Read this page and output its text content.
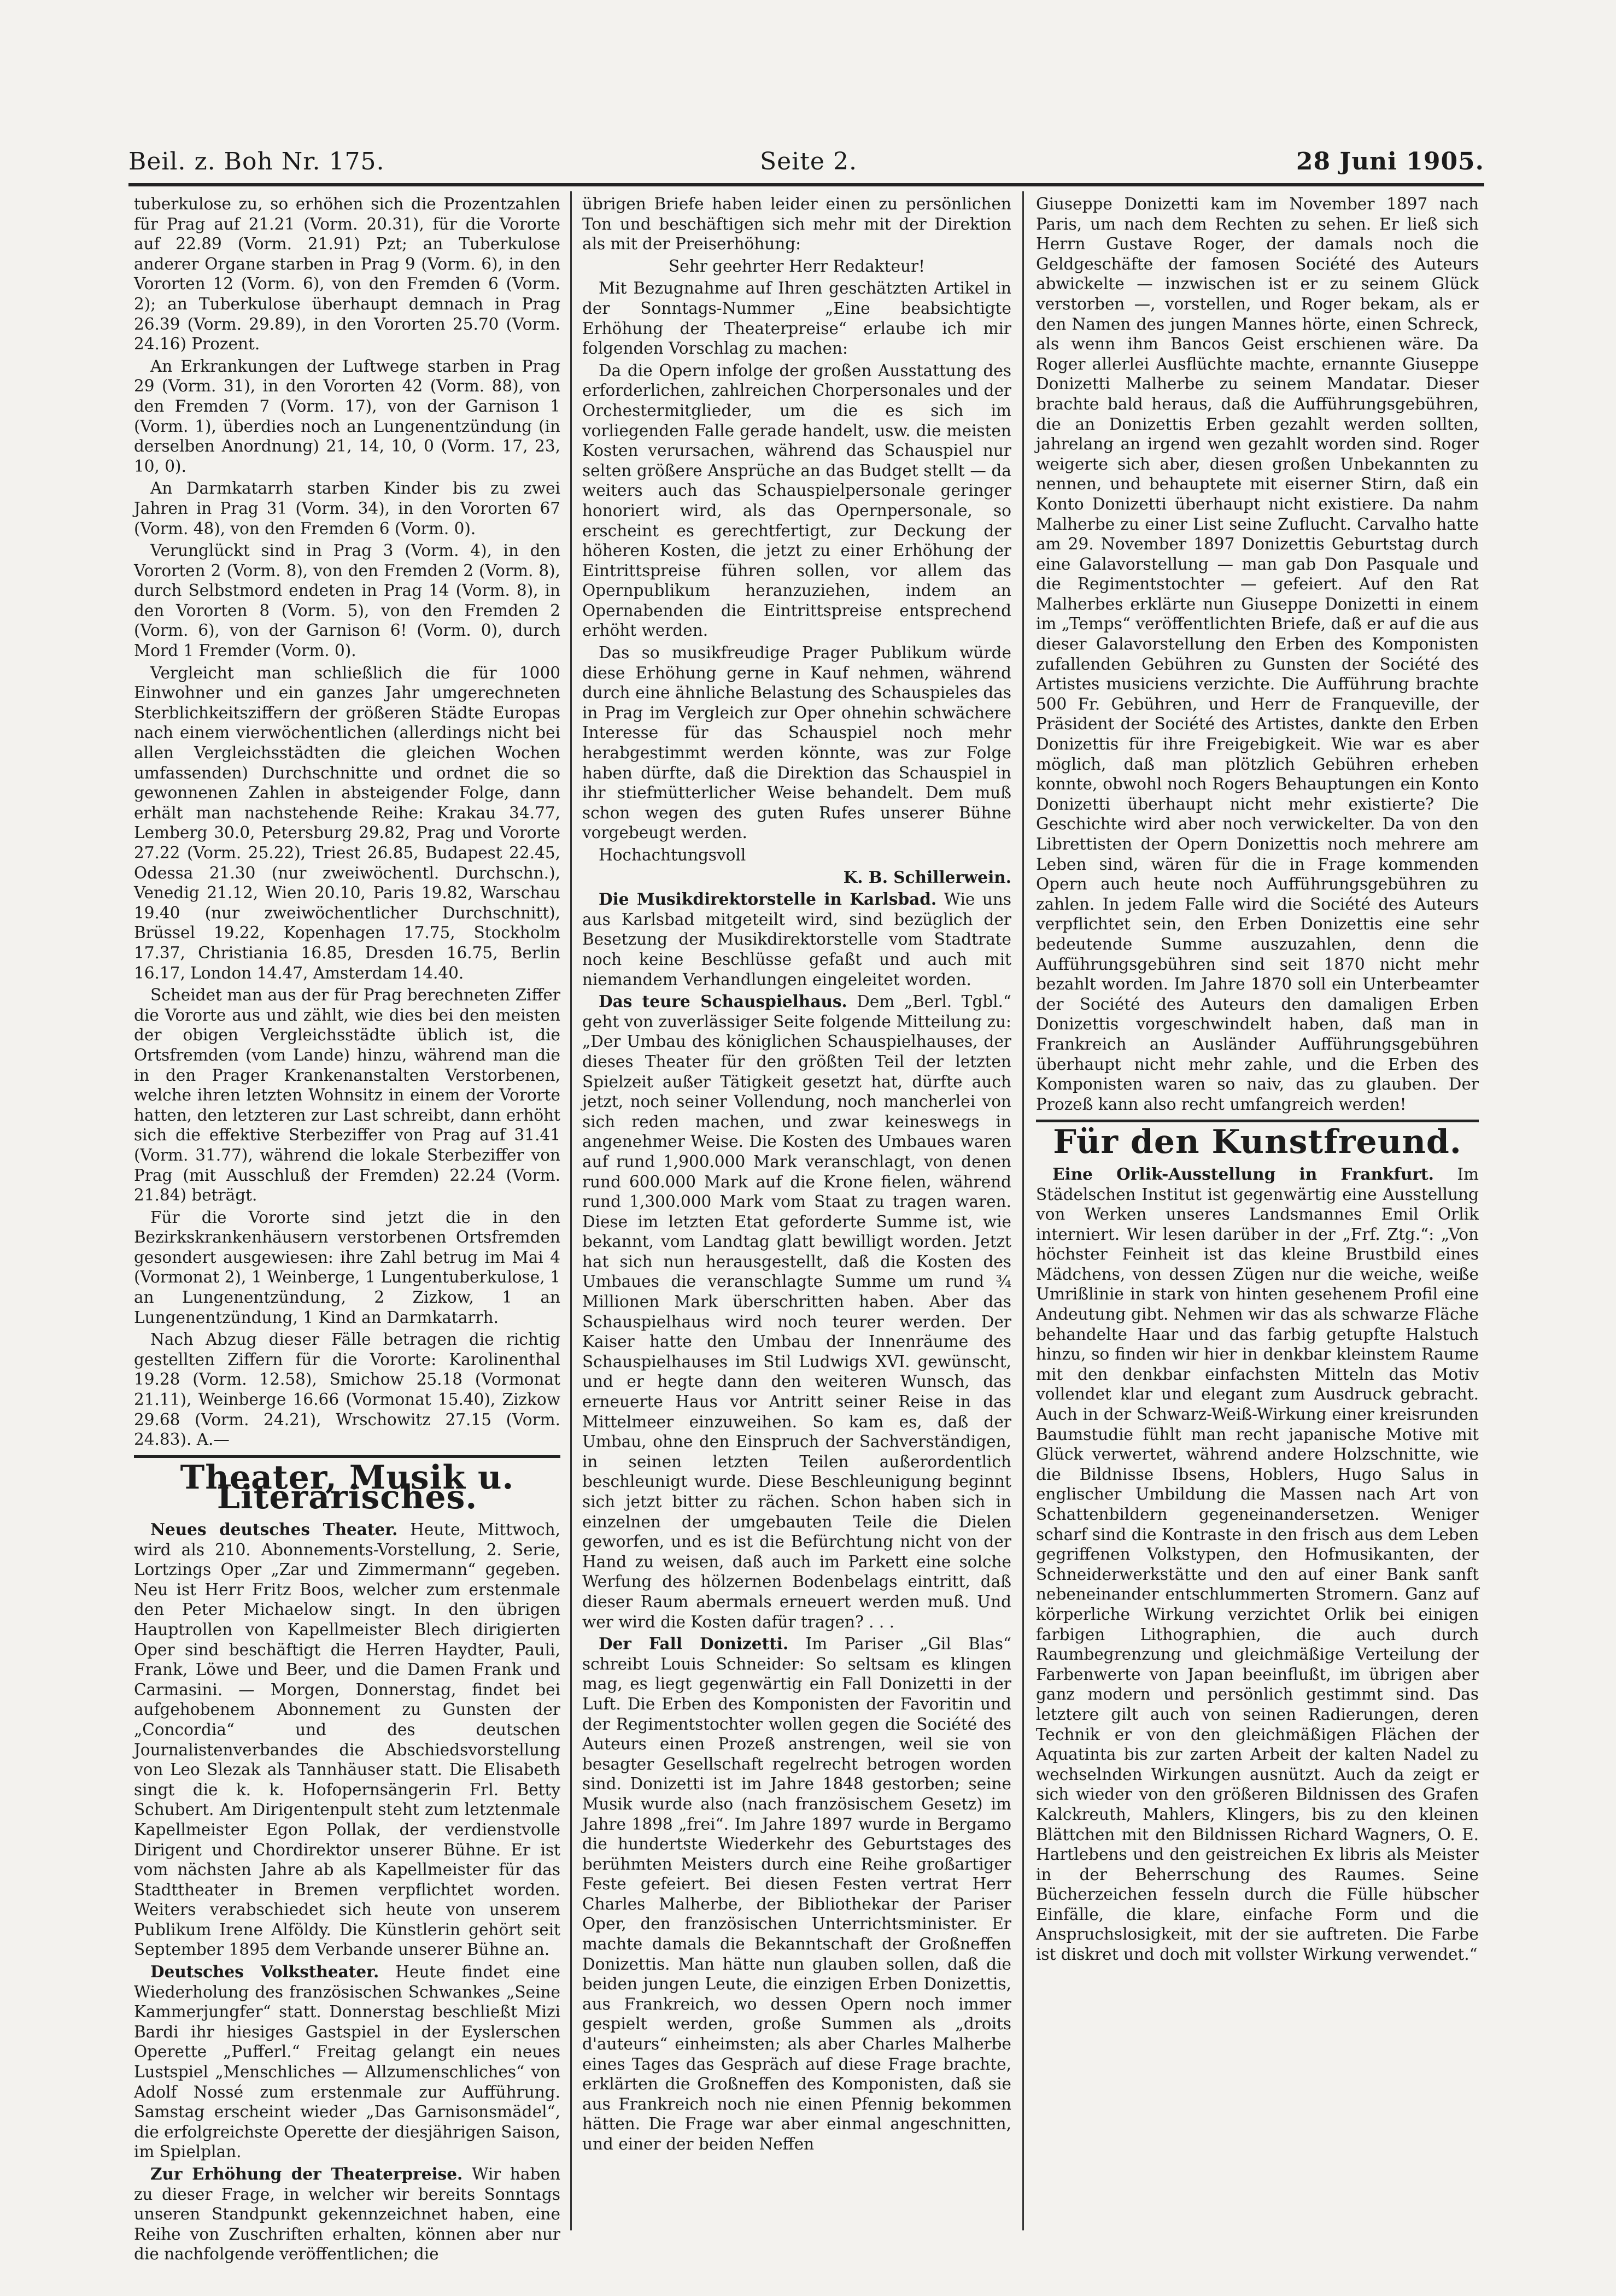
Beil. z. Boh Nr. 175.	Seite 2.	28 Juni 1905.

tuberkulose zu, so erhöhen sich die Prozentzahlen für Prag auf 21.21 (Vorm. 20.31), für die Vororte auf 22.89 (Vorm. 21.91) Pzt; an Tuberkulose anderer Organe starben in Prag 9 (Vorm. 6), in den Vororten 12 (Vorm. 6), von den Fremden 6 (Vorm. 2); an Tuberkulose überhaupt demnach in Prag 26.39 (Vorm. 29.89), in den Vororten 25.70 (Vorm. 24.16) Prozent.

An Erkrankungen der Luftwege starben in Prag 29 (Vorm. 31), in den Vororten 42 (Vorm. 88), von den Fremden 7 (Vorm. 17), von der Garnison 1 (Vorm. 1), überdies noch an Lungenentzündung (in derselben Anordnung) 21, 14, 10, 0 (Vorm. 17, 23, 10, 0).

An Darmkatarrh starben Kinder bis zu zwei Jahren in Prag 31 (Vorm. 34), in den Vororten 67 (Vorm. 48), von den Fremden 6 (Vorm. 0).

Verunglückt sind in Prag 3 (Vorm. 4), in den Vororten 2 (Vorm. 8), von den Fremden 2 (Vorm. 8), durch Selbstmord endeten in Prag 14 (Vorm. 8), in den Vororten 8 (Vorm. 5), von den Fremden 2 (Vorm. 6), von der Garnison 6! (Vorm. 0), durch Mord 1 Fremder (Vorm. 0).

Vergleicht man schließlich die für 1000 Einwohner und ein ganzes Jahr umgerechneten Sterblichkeitsziffern der größeren Städte Europas nach einem vierwöchentlichen (allerdings nicht bei allen Vergleichsstädten die gleichen Wochen umfassenden) Durchschnitte und ordnet die so gewonnenen Zahlen in absteigender Folge, dann erhält man nachstehende Reihe: Krakau 34.77, Lemberg 30.0, Petersburg 29.82, Prag und Vororte 27.22 (Vorm. 25.22), Triest 26.85, Budapest 22.45, Odessa 21.30 (nur zweiwöchentl. Durchschn.), Venedig 21.12, Wien 20.10, Paris 19.82, Warschau 19.40 (nur zweiwöchentlicher Durchschnitt), Brüssel 19.22, Kopenhagen 17.75, Stockholm 17.37, Christiania 16.85, Dresden 16.75, Berlin 16.17, London 14.47, Amsterdam 14.40.

Scheidet man aus der für Prag berechneten Ziffer die Vororte aus und zählt, wie dies bei den meisten der obigen Vergleichsstädte üblich ist, die Ortsfremden (vom Lande) hinzu, während man die in den Prager Krankenanstalten Verstorbenen, welche ihren letzten Wohnsitz in einem der Vororte hatten, den letzteren zur Last schreibt, dann erhöht sich die effektive Sterbeziffer von Prag auf 31.41 (Vorm. 31.77), während die lokale Sterbeziffer von Prag (mit Ausschluß der Fremden) 22.24 (Vorm. 21.84) beträgt.

Für die Vororte sind jetzt die in den Bezirkskrankenhäusern verstorbenen Ortsfremden gesondert ausgewiesen: ihre Zahl betrug im Mai 4 (Vormonat 2), 1 Weinberge, 1 Lungentuberkulose, 1 an Lungenentzündung, 2 Zizkow, 1 an Lungenentzündung, 1 Kind an Darmkatarrh.

Nach Abzug dieser Fälle betragen die richtig gestellten Ziffern für die Vororte: Karolinenthal 19.28 (Vorm. 12.58), Smichow 25.18 (Vormonat 21.11), Weinberge 16.66 (Vormonat 15.40), Zizkow 29.68 (Vorm. 24.21), Wrschowitz 27.15 (Vorm. 24.83). A.—

Theater, Musik u. Literarisches.

Neues deutsches Theater. Heute, Mittwoch, wird als 210. Abonnements-Vorstellung, 2. Serie, Lortzings Oper „Zar und Zimmermann“ gegeben. Neu ist Herr Fritz Boos, welcher zum erstenmale den Peter Michaelow singt. In den übrigen Hauptrollen von Kapellmeister Blech dirigierten Oper sind beschäftigt die Herren Haydter, Pauli, Frank, Löwe und Beer, und die Damen Frank und Carmasini. — Morgen, Donnerstag, findet bei aufgehobenem Abonnement zu Gunsten der „Concordia“ und des deutschen Journalistenverbandes die Abschiedsvorstellung von Leo Slezak als Tannhäuser statt. Die Elisabeth singt die k. k. Hofopernsängerin Frl. Betty Schubert. Am Dirigentenpult steht zum letztenmale Kapellmeister Egon Pollak, der verdienstvolle Dirigent und Chordirektor unserer Bühne. Er ist vom nächsten Jahre ab als Kapellmeister für das Stadttheater in Bremen verpflichtet worden. Weiters verabschiedet sich heute von unserem Publikum Irene Alföldy. Die Künstlerin gehört seit September 1895 dem Verbande unserer Bühne an.

Deutsches Volkstheater. Heute findet eine Wiederholung des französischen Schwankes „Seine Kammerjungfer“ statt. Donnerstag beschließt Mizi Bardi ihr hiesiges Gastspiel in der Eyslerschen Operette „Pufferl.“ Freitag gelangt ein neues Lustspiel „Menschliches — Allzumenschliches“ von Adolf Nossé zum erstenmale zur Aufführung. Samstag erscheint wieder „Das Garnisonsmädel“, die erfolgreichste Operette der diesjährigen Saison, im Spielplan.

Zur Erhöhung der Theaterpreise. Wir haben zu dieser Frage, in welcher wir bereits Sonntags unseren Standpunkt gekennzeichnet haben, eine Reihe von Zuschriften erhalten, können aber nur die nachfolgende veröffentlichen; die

übrigen Briefe haben leider einen zu persönlichen Ton und beschäftigen sich mehr mit der Direktion als mit der Preiserhöhung:

Sehr geehrter Herr Redakteur!

Mit Bezugnahme auf Ihren geschätzten Artikel in der Sonntags-Nummer „Eine beabsichtigte Erhöhung der Theaterpreise“ erlaube ich mir folgenden Vorschlag zu machen:

Da die Opern infolge der großen Ausstattung des erforderlichen, zahlreichen Chorpersonales und der Orchestermitglieder, um die es sich im vorliegenden Falle gerade handelt, usw. die meisten Kosten verursachen, während das Schauspiel nur selten größere Ansprüche an das Budget stellt — da weiters auch das Schauspielpersonale geringer honoriert wird, als das Opernpersonale, so erscheint es gerechtfertigt, zur Deckung der höheren Kosten, die jetzt zu einer Erhöhung der Eintrittspreise führen sollen, vor allem das Opernpublikum heranzuziehen, indem an Opernabenden die Eintrittspreise entsprechend erhöht werden.

Das so musikfreudige Prager Publikum würde diese Erhöhung gerne in Kauf nehmen, während durch eine ähnliche Belastung des Schauspieles das in Prag im Vergleich zur Oper ohnehin schwächere Interesse für das Schauspiel noch mehr herabgestimmt werden könnte, was zur Folge haben dürfte, daß die Direktion das Schauspiel in ihr stiefmütterlicher Weise behandelt. Dem muß schon wegen des guten Rufes unserer Bühne vorgebeugt werden.

Hochachtungsvoll

K. B. Schillerwein.

Die Musikdirektorstelle in Karlsbad. Wie uns aus Karlsbad mitgeteilt wird, sind bezüglich der Besetzung der Musikdirektorstelle vom Stadtrate noch keine Beschlüsse gefaßt und auch mit niemandem Verhandlungen eingeleitet worden.

Das teure Schauspielhaus. Dem „Berl. Tgbl.“ geht von zuverlässiger Seite folgende Mitteilung zu: „Der Umbau des königlichen Schauspielhauses, der dieses Theater für den größten Teil der letzten Spielzeit außer Tätigkeit gesetzt hat, dürfte auch jetzt, noch seiner Vollendung, noch mancherlei von sich reden machen, und zwar keineswegs in angenehmer Weise. Die Kosten des Umbaues waren auf rund 1,900.000 Mark veranschlagt, von denen rund 600.000 Mark auf die Krone fielen, während rund 1,300.000 Mark vom Staat zu tragen waren. Diese im letzten Etat geforderte Summe ist, wie bekannt, vom Landtag glatt bewilligt worden. Jetzt hat sich nun herausgestellt, daß die Kosten des Umbaues die veranschlagte Summe um rund ¾ Millionen Mark überschritten haben. Aber das Schauspielhaus wird noch teurer werden. Der Kaiser hatte den Umbau der Innenräume des Schauspielhauses im Stil Ludwigs XVI. gewünscht, und er hegte dann den weiteren Wunsch, das erneuerte Haus vor Antritt seiner Reise in das Mittelmeer einzuweihen. So kam es, daß der Umbau, ohne den Einspruch der Sachverständigen, in seinen letzten Teilen außerordentlich beschleunigt wurde. Diese Beschleunigung beginnt sich jetzt bitter zu rächen. Schon haben sich in einzelnen der umgebauten Teile die Dielen geworfen, und es ist die Befürchtung nicht von der Hand zu weisen, daß auch im Parkett eine solche Werfung des hölzernen Bodenbelags eintritt, daß dieser Raum abermals erneuert werden muß. Und wer wird die Kosten dafür tragen? . . .

Der Fall Donizetti. Im Pariser „Gil Blas“ schreibt Louis Schneider: So seltsam es klingen mag, es liegt gegenwärtig ein Fall Donizetti in der Luft. Die Erben des Komponisten der Favoritin und der Regimentstochter wollen gegen die Société des Auteurs einen Prozeß anstrengen, weil sie von besagter Gesellschaft regelrecht betrogen worden sind. Donizetti ist im Jahre 1848 gestorben; seine Musik wurde also (nach französischem Gesetz) im Jahre 1898 „frei“. Im Jahre 1897 wurde in Bergamo die hundertste Wiederkehr des Geburtstages des berühmten Meisters durch eine Reihe großartiger Feste gefeiert. Bei diesen Festen vertrat Herr Charles Malherbe, der Bibliothekar der Pariser Oper, den französischen Unterrichtsminister. Er machte damals die Bekanntschaft der Großneffen Donizettis. Man hätte nun glauben sollen, daß die beiden jungen Leute, die einzigen Erben Donizettis, aus Frankreich, wo dessen Opern noch immer gespielt werden, große Summen als „droits d'auteurs“ einheimsten; als aber Charles Malherbe eines Tages das Gespräch auf diese Frage brachte, erklärten die Großneffen des Komponisten, daß sie aus Frankreich noch nie einen Pfennig bekommen hätten. Die Frage war aber einmal angeschnitten, und einer der beiden Neffen

Giuseppe Donizetti kam im November 1897 nach Paris, um nach dem Rechten zu sehen. Er ließ sich Herrn Gustave Roger, der damals noch die Geldgeschäfte der famosen Société des Auteurs abwickelte — inzwischen ist er zu seinem Glück verstorben —, vorstellen, und Roger bekam, als er den Namen des jungen Mannes hörte, einen Schreck, als wenn ihm Bancos Geist erschienen wäre. Da Roger allerlei Ausflüchte machte, ernannte Giuseppe Donizetti Malherbe zu seinem Mandatar. Dieser brachte bald heraus, daß die Aufführungsgebühren, die an Donizettis Erben gezahlt werden sollten, jahrelang an irgend wen gezahlt worden sind. Roger weigerte sich aber, diesen großen Unbekannten zu nennen, und behauptete mit eiserner Stirn, daß ein Konto Donizetti überhaupt nicht existiere. Da nahm Malherbe zu einer List seine Zuflucht. Carvalho hatte am 29. November 1897 Donizettis Geburtstag durch eine Galavorstellung — man gab Don Pasquale und die Regimentstochter — gefeiert. Auf den Rat Malherbes erklärte nun Giuseppe Donizetti in einem im „Temps“ veröffentlichten Briefe, daß er auf die aus dieser Galavorstellung den Erben des Komponisten zufallenden Gebühren zu Gunsten der Société des Artistes musiciens verzichte. Die Aufführung brachte 500 Fr. Gebühren, und Herr de Franqueville, der Präsident der Société des Artistes, dankte den Erben Donizettis für ihre Freigebigkeit. Wie war es aber möglich, daß man plötzlich Gebühren erheben konnte, obwohl noch Rogers Behauptungen ein Konto Donizetti überhaupt nicht mehr existierte? Die Geschichte wird aber noch verwickelter. Da von den Librettisten der Opern Donizettis noch mehrere am Leben sind, wären für die in Frage kommenden Opern auch heute noch Aufführungsgebühren zu zahlen. In jedem Falle wird die Société des Auteurs verpflichtet sein, den Erben Donizettis eine sehr bedeutende Summe auszuzahlen, denn die Aufführungsgebühren sind seit 1870 nicht mehr bezahlt worden. Im Jahre 1870 soll ein Unterbeamter der Société des Auteurs den damaligen Erben Donizettis vorgeschwindelt haben, daß man in Frankreich an Ausländer Aufführungsgebühren überhaupt nicht mehr zahle, und die Erben des Komponisten waren so naiv, das zu glauben. Der Prozeß kann also recht umfangreich werden!

Für den Kunstfreund.

Eine Orlik-Ausstellung in Frankfurt. Im Städelschen Institut ist gegenwärtig eine Ausstellung von Werken unseres Landsmannes Emil Orlik interniert. Wir lesen darüber in der „Frf. Ztg.“: „Von höchster Feinheit ist das kleine Brustbild eines Mädchens, von dessen Zügen nur die weiche, weiße Umrißlinie in stark von hinten gesehenem Profil eine Andeutung gibt. Nehmen wir das als schwarze Fläche behandelte Haar und das farbig getupfte Halstuch hinzu, so finden wir hier in denkbar kleinstem Raume mit den denkbar einfachsten Mitteln das Motiv vollendet klar und elegant zum Ausdruck gebracht. Auch in der Schwarz-Weiß-Wirkung einer kreisrunden Baumstudie fühlt man recht japanische Motive mit Glück verwertet, während andere Holzschnitte, wie die Bildnisse Ibsens, Hoblers, Hugo Salus in englischer Umbildung die Massen nach Art von Schattenbildern gegeneinandersetzen. Weniger scharf sind die Kontraste in den frisch aus dem Leben gegriffenen Volkstypen, den Hofmusikanten, der Schneiderwerkstätte und den auf einer Bank sanft nebeneinander entschlummerten Stromern. Ganz auf körperliche Wirkung verzichtet Orlik bei einigen farbigen Lithographien, die auch durch Raumbegrenzung und gleichmäßige Verteilung der Farbenwerte von Japan beeinflußt, im übrigen aber ganz modern und persönlich gestimmt sind. Das letztere gilt auch von seinen Radierungen, deren Technik er von den gleichmäßigen Flächen der Aquatinta bis zur zarten Arbeit der kalten Nadel zu wechselnden Wirkungen ausnützt. Auch da zeigt er sich wieder von den größeren Bildnissen des Grafen Kalckreuth, Mahlers, Klingers, bis zu den kleinen Blättchen mit den Bildnissen Richard Wagners, O. E. Hartlebens und den geistreichen Ex libris als Meister in der Beherrschung des Raumes. Seine Bücherzeichen fesseln durch die Fülle hübscher Einfälle, die klare, einfache Form und die Anspruchslosigkeit, mit der sie auftreten. Die Farbe ist diskret und doch mit vollster Wirkung verwendet.“
